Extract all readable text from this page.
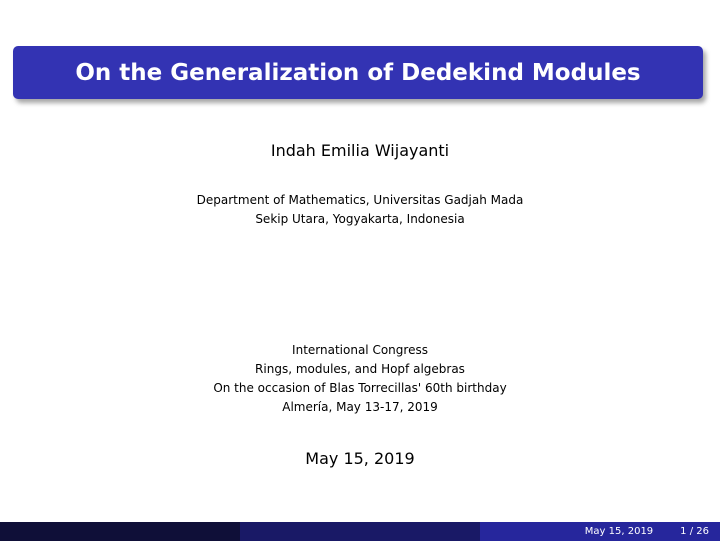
On the Generalization of Dedekind Modules
Indah Emilia Wijayanti
Department of Mathematics, Universitas Gadjah Mada
Sekip Utara, Yogyakarta, Indonesia
International Congress
Rings, modules, and Hopf algebras
On the occasion of Blas Torrecillas' 60th birthday
Almería, May 13-17, 2019
May 15, 2019
May 15, 2019	1 / 26
